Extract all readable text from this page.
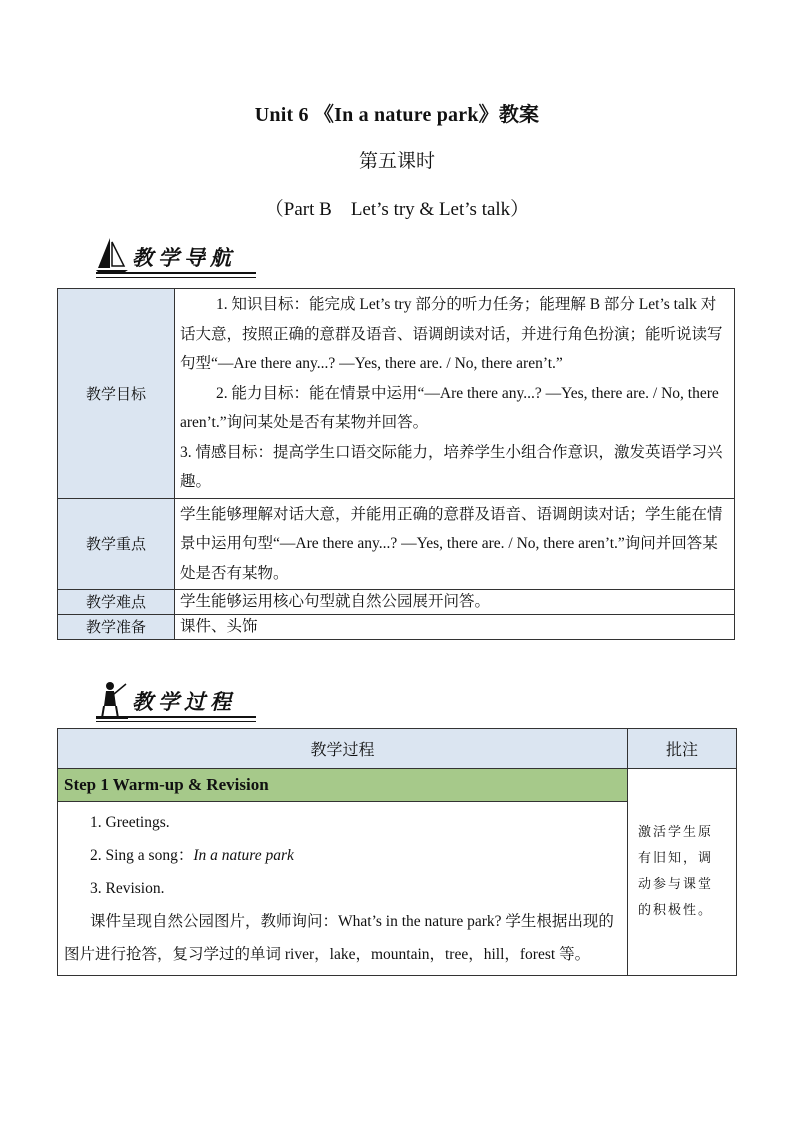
Unit 6 《In a nature park》教案
第五课时
（Part B    Let’s try & Let’s talk）
教学导航
教学目标	1. 知识目标：能完成 Let’s try 部分的听力任务；能理解 B 部分 Let’s talk 对话大意，按照正确的意群及语音、语调朗读对话，并进行角色扮演；能听说读写句型“—Are there any...? —Yes, there are. / No, there aren’t.”
2. 能力目标：能在情景中运用“—Are there any...? —Yes, there are. / No, there aren’t.”询问某处是否有某物并回答。
3. 情感目标：提高学生口语交际能力，培养学生小组合作意识，激发英语学习兴趣。

教学重点	学生能够理解对话大意，并能用正确的意群及语音、语调朗读对话；学生能在情景中运用句型“—Are there any...? —Yes, there are. / No, there aren’t.”询问并回答某处是否有某物。
教学难点	学生能够运用核心句型就自然公园展开问答。
教学准备	课件、头饰
教学过程
教学过程	批注
Step 1 Warm-up & Revision	激活学生原有旧知，调动参与课堂的积极性。

1. Greetings.
2. Sing a song：In a nature park
3. Revision.
课件呈现自然公园图片，教师询问：What’s in the nature park? 学生根据出现的图片进行抢答，复习学过的单词 river，lake，mountain，tree，hill，forest 等。	
